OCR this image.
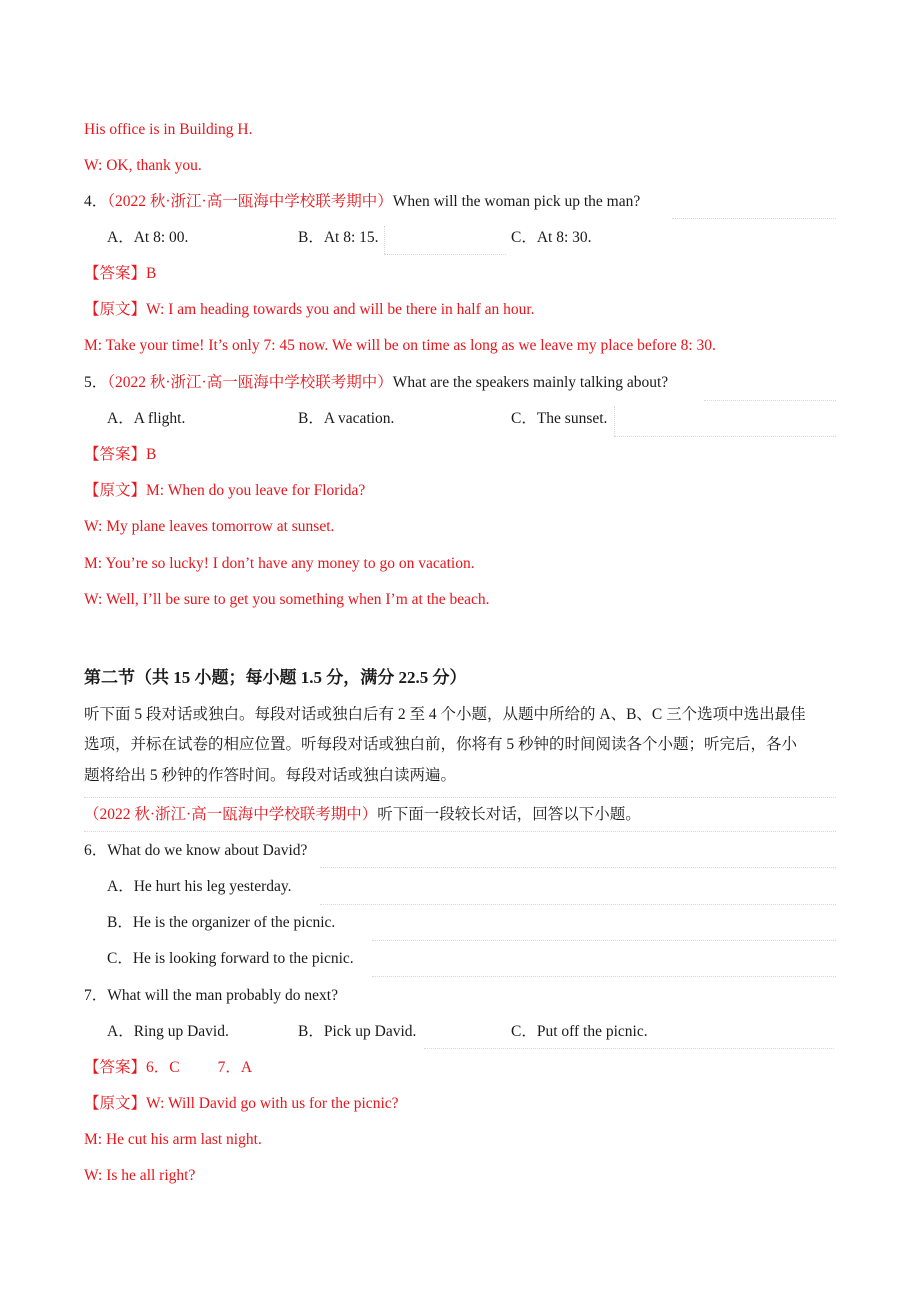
His office is in Building H.
W: OK, thank you.
4．（2022 秋·浙江·高一瓯海中学校联考期中）When will the woman pick up the man?
A．At 8: 00.	B．At 8: 15.	C．At 8: 30.
【答案】B
【原文】W: I am heading towards you and will be there in half an hour.
M: Take your time! It’s only 7: 45 now. We will be on time as long as we leave my place before 8: 30.
5．（2022 秋·浙江·高一瓯海中学校联考期中）What are the speakers mainly talking about?
A．A flight.	B．A vacation.	C．The sunset.
【答案】B
【原文】M: When do you leave for Florida?
W: My plane leaves tomorrow at sunset.
M: You’re so lucky! I don’t have any money to go on vacation.
W: Well, I’ll be sure to get you something when I’m at the beach.
第二节（共 15 小题；每小题 1.5 分，满分 22.5 分）
听下面 5 段对话或独白。每段对话或独白后有 2 至 4 个小题，从题中所给的 A、B、C 三个选项中选出最佳
选项，并标在试卷的相应位置。听每段对话或独白前，你将有 5 秒钟的时间阅读各个小题；听完后，各小
题将给出 5 秒钟的作答时间。每段对话或独白读两遍。
（2022 秋·浙江·高一瓯海中学校联考期中）听下面一段较长对话，回答以下小题。
6．What do we know about David?
A．He hurt his leg yesterday.
B．He is the organizer of the picnic.
C．He is looking forward to the picnic.
7．What will the man probably do next?
A．Ring up David.	B．Pick up David.	C．Put off the picnic.
【答案】6．C 7．A
【原文】W: Will David go with us for the picnic?
M: He cut his arm last night.
W: Is he all right?
